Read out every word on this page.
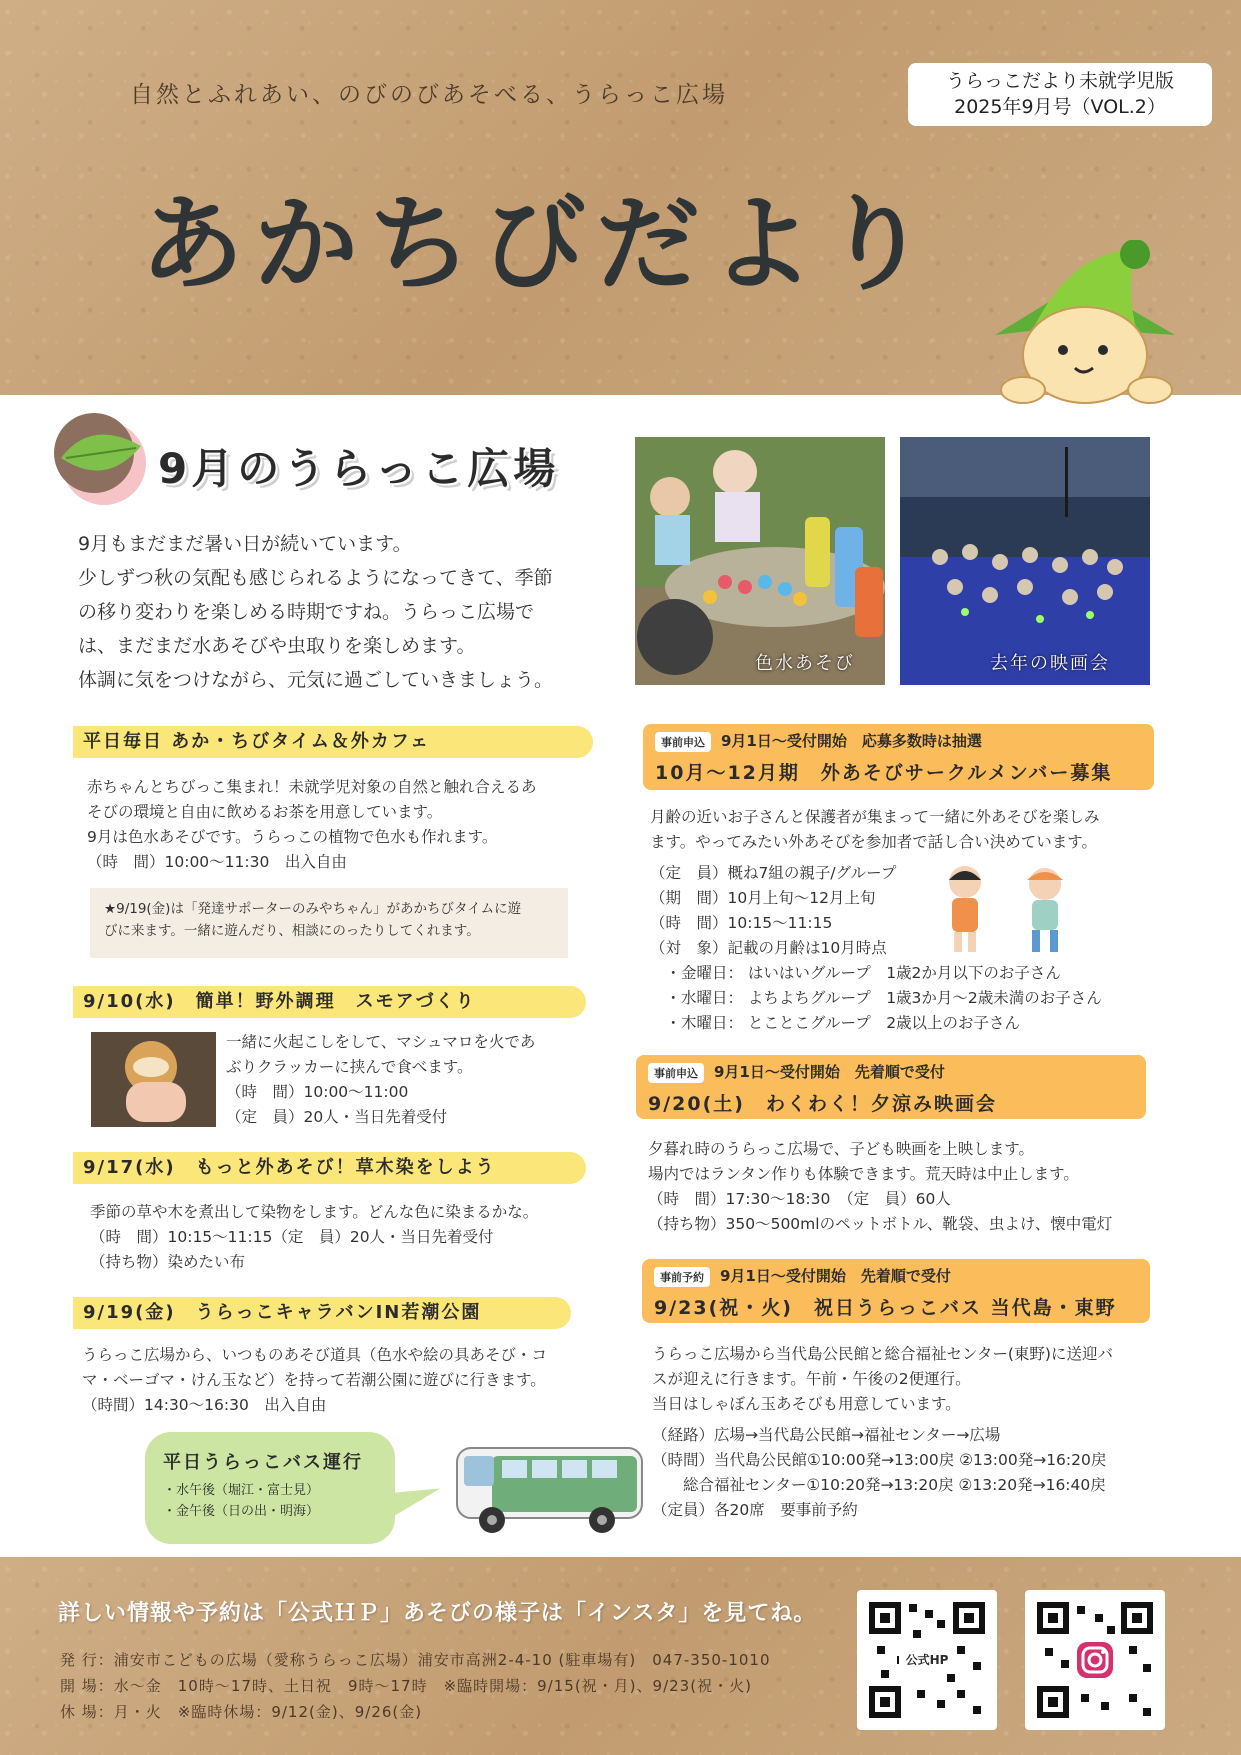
自然とふれあい、のびのびあそべる、うらっこ広場
うらっこだより未就学児版
2025年9月号（VOL.2）
あかちびだより
9月のうらっこ広場
9月もまだまだ暑い日が続いています。
少しずつ秋の気配も感じられるようになってきて、季節
の移り変わりを楽しめる時期ですね。うらっこ広場で
は、まだまだ水あそびや虫取りを楽しめます。
体調に気をつけながら、元気に過ごしていきましょう。
色水あそび	去年の映画会
平日毎日 あか・ちびタイム＆外カフェ
赤ちゃんとちびっこ集まれ！未就学児対象の自然と触れ合えるあ
そびの環境と自由に飲めるお茶を用意しています。
9月は色水あそびです。うらっこの植物で色水も作れます。
（時　間）10:00～11:30　出入自由
★9/19(金)は「発達サポーターのみやちゃん」があかちびタイムに遊
びに来ます。一緒に遊んだり、相談にのったりしてくれます。
9/10(水)　簡単！野外調理　スモアづくり
一緒に火起こしをして、マシュマロを火であ
ぶりクラッカーに挟んで食べます。
（時　間）10:00～11:00
（定　員）20人・当日先着受付
9/17(水)　もっと外あそび！草木染をしよう
季節の草や木を煮出して染物をします。どんな色に染まるかな。
（時　間）10:15～11:15（定　員）20人・当日先着受付
（持ち物）染めたい布
9/19(金)　うらっこキャラバンIN若潮公園
うらっこ広場から、いつものあそび道具（色水や絵の具あそび・コ
マ・ベーゴマ・けん玉など）を持って若潮公園に遊びに行きます。
（時間）14:30～16:30　出入自由
平日うらっこバス運行
・水午後（堀江・富士見）
・金午後（日の出・明海）
事前申込 9月1日～受付開始　応募多数時は抽選
10月～12月期　外あそびサークルメンバー募集
月齢の近いお子さんと保護者が集まって一緒に外あそびを楽しみ
ます。やってみたい外あそびを参加者で話し合い決めています。
（定　員）概ね7組の親子/グループ
（期　間）10月上旬～12月上旬
（時　間）10:15～11:15
（対　象）記載の月齢は10月時点
　・金曜日： はいはいグループ　1歳2か月以下のお子さん
　・水曜日： よちよちグループ　1歳3か月～2歳未満のお子さん
　・木曜日： とことこグループ　2歳以上のお子さん
事前申込 9月1日～受付開始　先着順で受付
9/20(土)　わくわく！夕涼み映画会
夕暮れ時のうらっこ広場で、子ども映画を上映します。
場内ではランタン作りも体験できます。荒天時は中止します。
（時　間）17:30～18:30　（定　員）60人
（持ち物）350～500mlのペットボトル、靴袋、虫よけ、懐中電灯
事前予約 9月1日～受付開始　先着順で受付
9/23(祝・火)　祝日うらっこバス 当代島・東野
うらっこ広場から当代島公民館と総合福祉センター(東野)に送迎バ
スが迎えに行きます。午前・午後の2便運行。
当日はしゃぼん玉あそびも用意しています。
（経路）広場→当代島公民館→福祉センター→広場
（時間）当代島公民館①10:00発→13:00戻 ②13:00発→16:20戻
　　総合福祉センター①10:20発→13:20戻 ②13:20発→16:40戻
（定員）各20席　要事前予約
詳しい情報や予約は「公式ＨＰ」あそびの様子は「インスタ」を見てね。
発 行：浦安市こどもの広場（愛称うらっこ広場）浦安市高洲2-4-10 (駐車場有)　047-350-1010
開 場：水～金　10時～17時、土日祝　9時～17時　※臨時開場：9/15(祝・月)、9/23(祝・火)
休 場：月・火　※臨時休場：9/12(金)、9/26(金)
公式HP
